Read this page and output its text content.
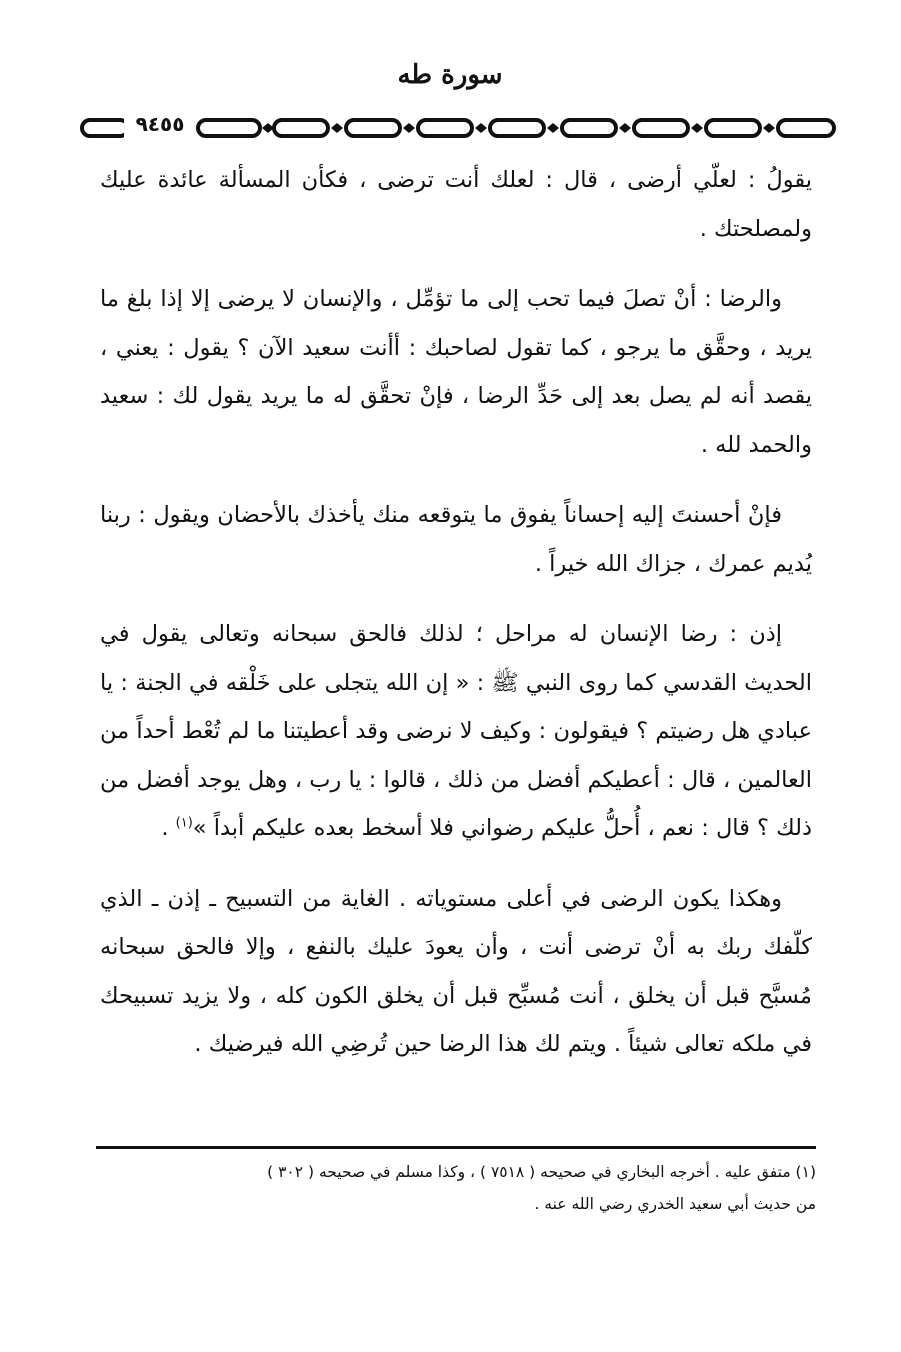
سورة طه
٩٤٥٥

يقولُ : لعلّي أرضى ، قال : لعلك أنت ترضى ، فكأن المسألة عائدة عليك ولمصلحتك .

والرضا : أنْ تصلَ فيما تحب إلى ما تؤمِّل ، والإنسان لا يرضى إلا إذا بلغ ما يريد ، وحقَّق ما يرجو ، كما تقول لصاحبك : أأنت سعيد الآن ؟ يقول : يعني ، يقصد أنه لم يصل بعد إلى حَدِّ الرضا ، فإنْ تحقَّق له ما يريد يقول لك : سعيد والحمد لله .

فإنْ أحسنتَ إليه إحساناً يفوق ما يتوقعه منك يأخذك بالأحضان ويقول : ربنا يُديم عمرك ، جزاك الله خيراً .

إذن : رضا الإنسان له مراحل ؛ لذلك فالحق سبحانه وتعالى يقول في الحديث القدسي كما روى النبي ﷺ : « إن الله يتجلى على خَلْقه في الجنة : يا عبادي هل رضيتم ؟ فيقولون : وكيف لا نرضى وقد أعطيتنا ما لم تُعْط أحداً من العالمين ، قال : أعطيكم أفضل من ذلك ، قالوا : يا رب ، وهل يوجد أفضل من ذلك ؟ قال : نعم ، أُحلُّ عليكم رضواني فلا أسخط بعده عليكم أبداً »$^{(١)}$ .

وهكذا يكون الرضى في أعلى مستوياته . الغاية من التسبيح ـ إذن ـ الذي كلّفك ربك به أنْ ترضى أنت ، وأن يعودَ عليك بالنفع ، وإلا فالحق سبحانه مُسبَّح قبل أن يخلق ، أنت مُسبِّح قبل أن يخلق الكون كله ، ولا يزيد تسبيحك في ملكه تعالى شيئاً . ويتم لك هذا الرضا حين تُرضِي الله فيرضيك .

(١) متفق عليه . أخرجه البخاري في صحيحه ( ٧٥١٨ ) ، وكذا مسلم في صحيحه ( ٣٠٢ )

من حديث أبي سعيد الخدري رضي الله عنه .
